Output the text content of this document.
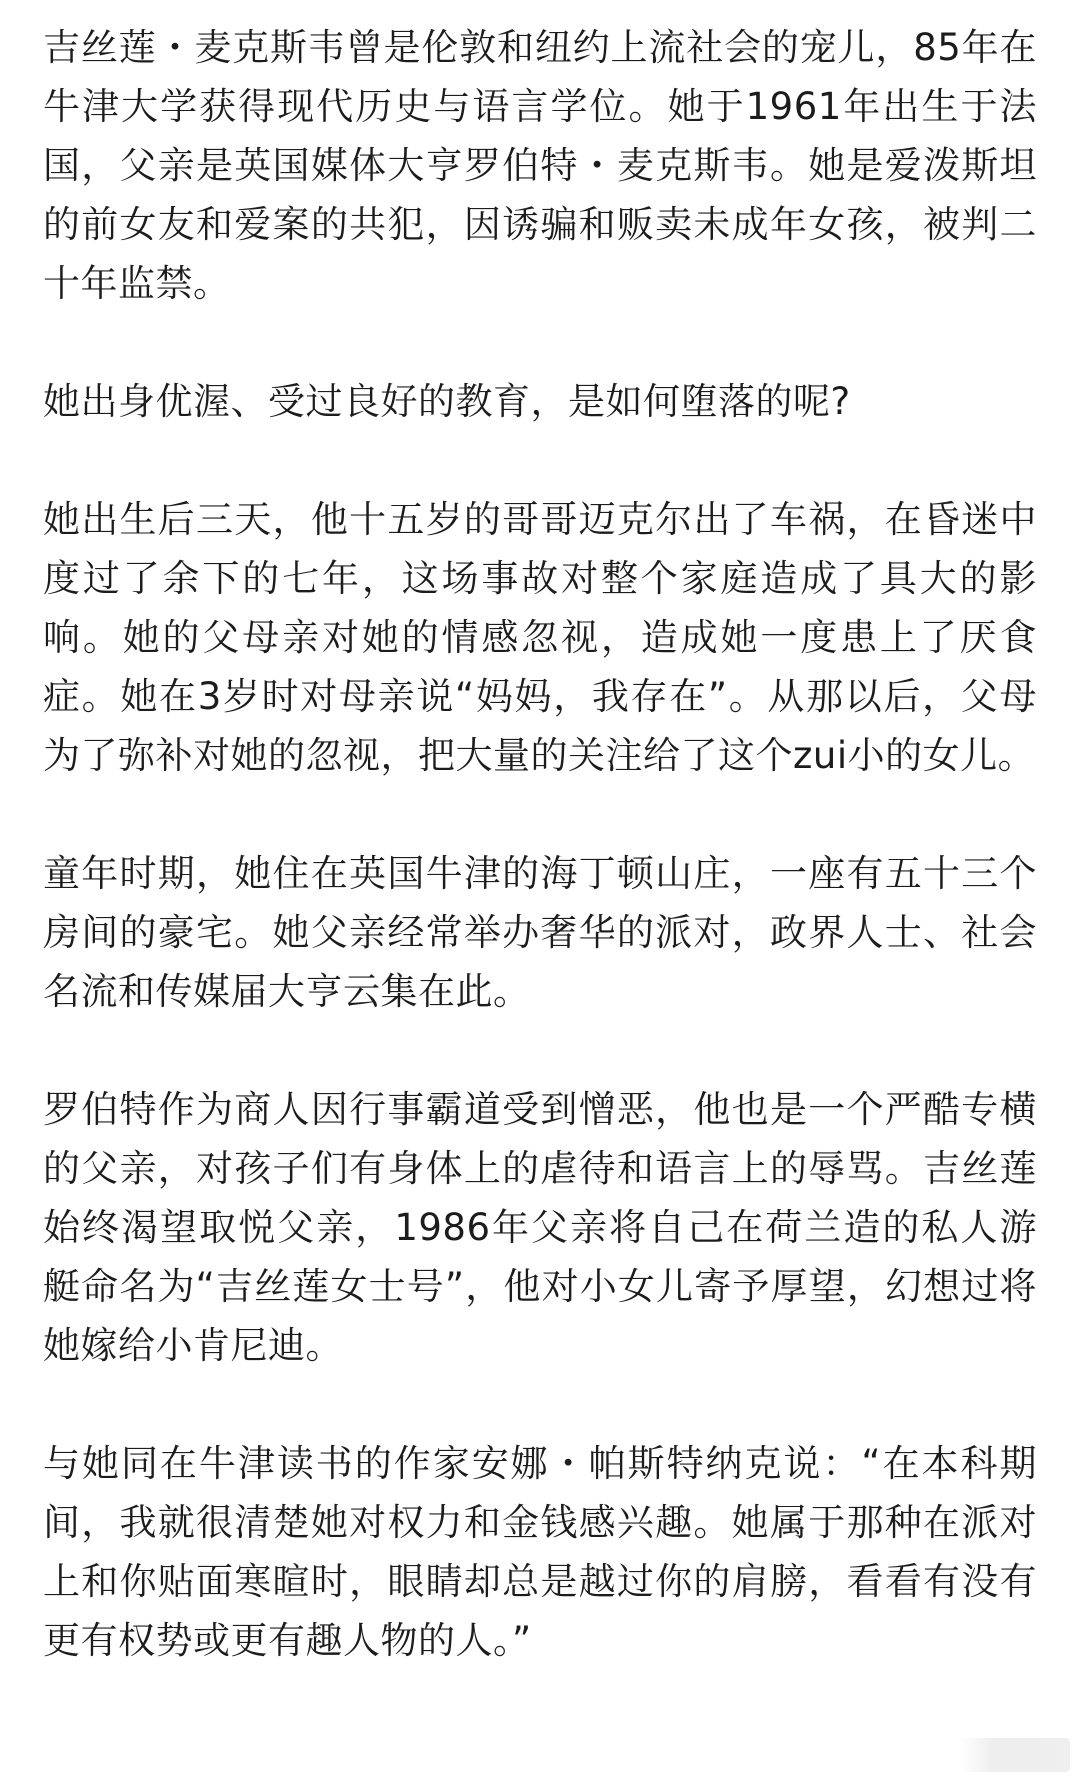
吉丝莲・麦克斯韦曾是伦敦和纽约上流社会的宠儿，85年在牛津大学获得现代历史与语言学位。她于1961年出生于法国，父亲是英国媒体大亨罗伯特・麦克斯韦。她是爱泼斯坦的前女友和爱案的共犯，因诱骗和贩卖未成年女孩，被判二十年监禁。

她出身优渥、受过良好的教育，是如何堕落的呢?

她出生后三天，他十五岁的哥哥迈克尔出了车祸，在昏迷中度过了余下的七年，这场事故对整个家庭造成了具大的影响。她的父母亲对她的情感忽视，造成她一度患上了厌食症。她在3岁时对母亲说“妈妈，我存在”。从那以后，父母为了弥补对她的忽视，把大量的关注给了这个zui小的女儿。

童年时期，她住在英国牛津的海丁顿山庄，一座有五十三个房间的豪宅。她父亲经常举办奢华的派对，政界人士、社会名流和传媒届大亨云集在此。

罗伯特作为商人因行事霸道受到憎恶，他也是一个严酷专横的父亲，对孩子们有身体上的虐待和语言上的辱骂。吉丝莲始终渴望取悦父亲，1986年父亲将自己在荷兰造的私人游艇命名为“吉丝莲女士号”，他对小女儿寄予厚望，幻想过将她嫁给小肯尼迪。

与她同在牛津读书的作家安娜・帕斯特纳克说：“在本科期间，我就很清楚她对权力和金钱感兴趣。她属于那种在派对上和你贴面寒暄时，眼睛却总是越过你的肩膀，看看有没有更有权势或更有趣人物的人。”
